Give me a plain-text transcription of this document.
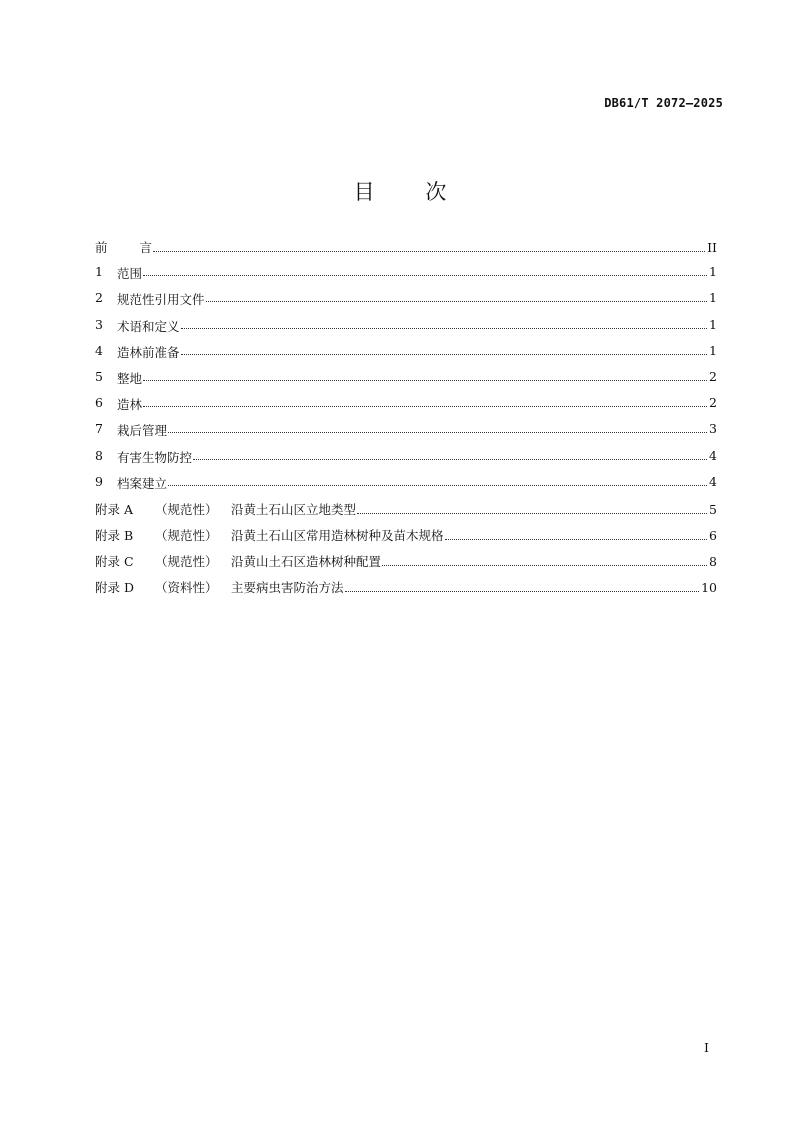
DB61/T 2072—2025
目 次
前	言	II
1	范围	1
2	规范性引用文件	1
3	术语和定义	1
4	造林前准备	1
5	整地	2
6	造林	2
7	栽后管理	3
8	有害生物防控	4
9	档案建立	4
附录 A	（规范性）	沿黄土石山区立地类型	5
附录 B	（规范性）	沿黄土石山区常用造林树种及苗木规格	6
附录 C	（规范性）	沿黄山土石区造林树种配置	8
附录 D	（资料性）	主要病虫害防治方法	10
I
